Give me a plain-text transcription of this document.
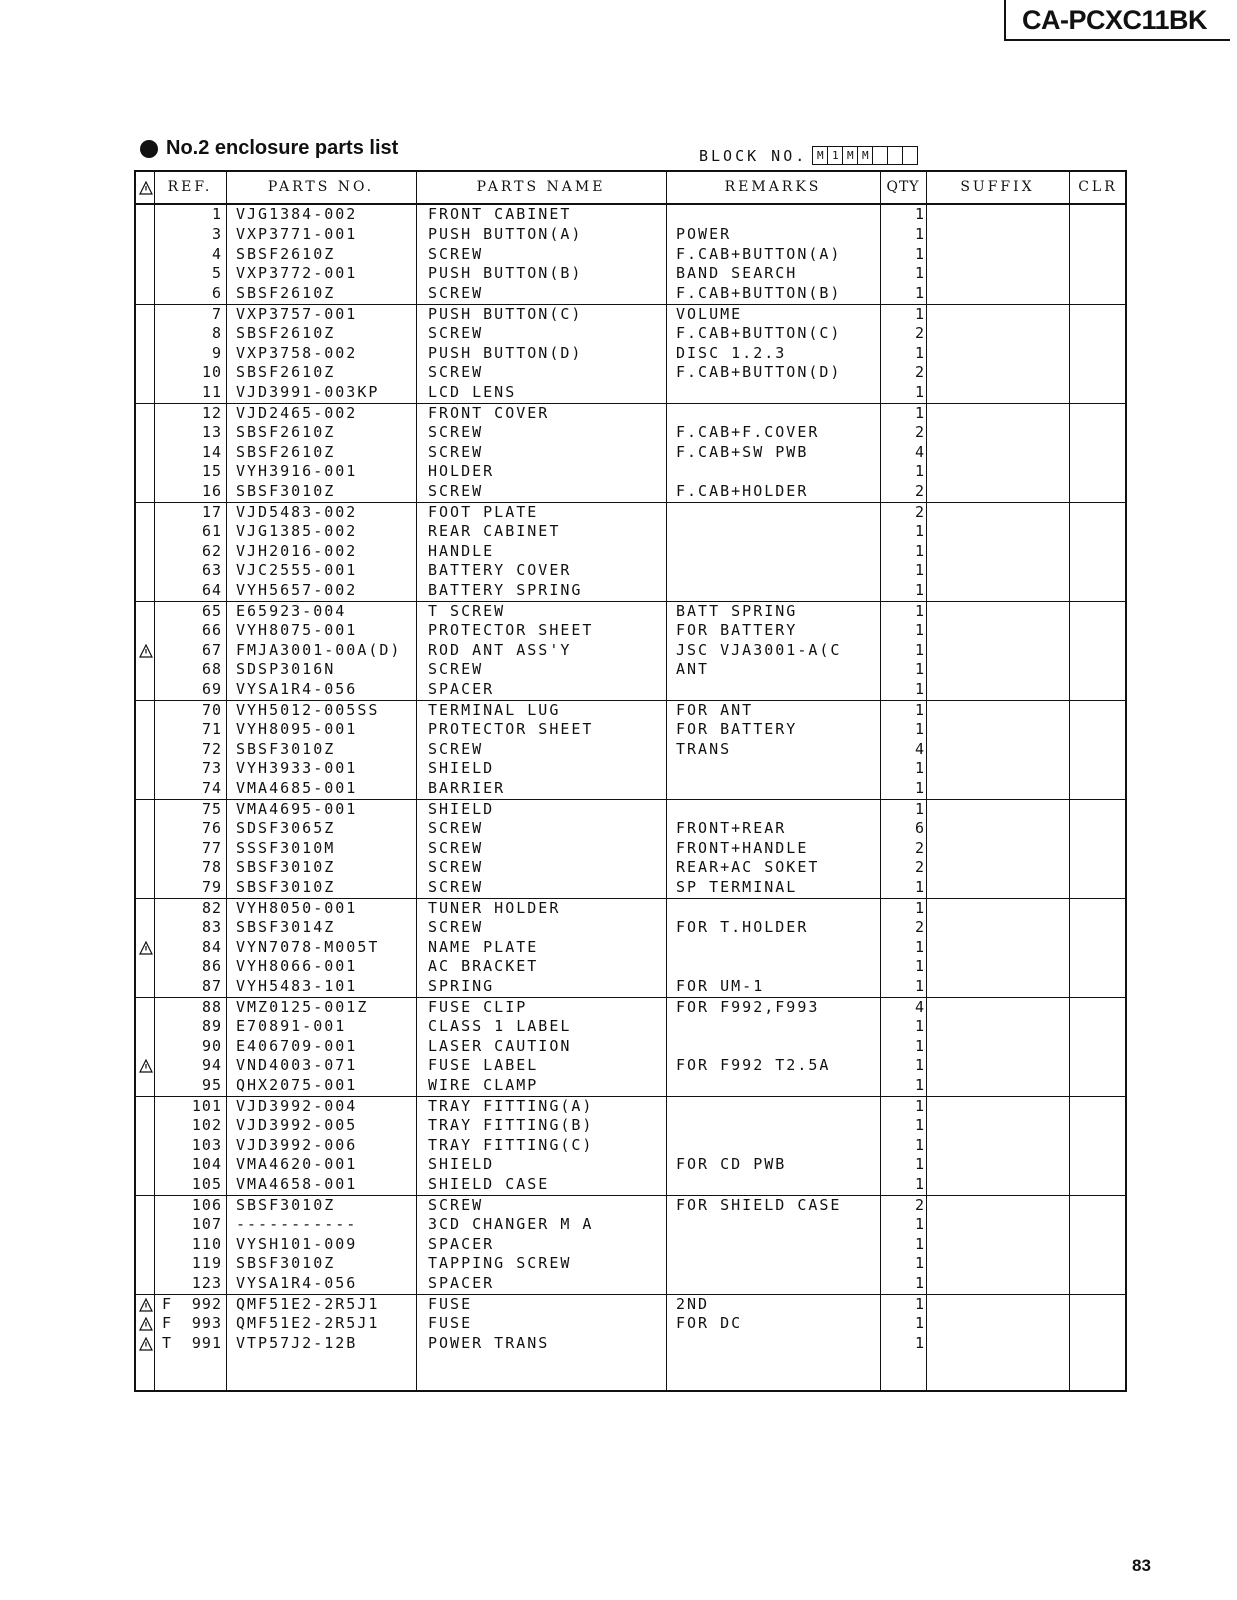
CA-PCXC11BK
No.2 enclosure parts list	BLOCK NO. M 1 M M
REF.	PARTS NO.	PARTS NAME	REMARKS	QTY	SUFFIX	CLR
1 VJG1384-002	FRONT CABINET	1
3 VXP3771-001	PUSH BUTTON(A)	POWER	1
4 SBSF2610Z	SCREW	F.CAB+BUTTON(A)	1
5 VXP3772-001	PUSH BUTTON(B)	BAND SEARCH	1
6 SBSF2610Z	SCREW	F.CAB+BUTTON(B)	1
7 VXP3757-001	PUSH BUTTON(C)	VOLUME	1
8 SBSF2610Z	SCREW	F.CAB+BUTTON(C)	2
9 VXP3758-002	PUSH BUTTON(D)	DISC 1.2.3	1
10 SBSF2610Z	SCREW	F.CAB+BUTTON(D)	2
11 VJD3991-003KP	LCD LENS	1
12 VJD2465-002	FRONT COVER	1
13 SBSF2610Z	SCREW	F.CAB+F.COVER	2
14 SBSF2610Z	SCREW	F.CAB+SW PWB	4
15 VYH3916-001	HOLDER	1
16 SBSF3010Z	SCREW	F.CAB+HOLDER	2
17 VJD5483-002	FOOT PLATE	2
61 VJG1385-002	REAR CABINET	1
62 VJH2016-002	HANDLE	1
63 VJC2555-001	BATTERY COVER	1
64 VYH5657-002	BATTERY SPRING	1
65 E65923-004	T SCREW	BATT SPRING	1
66 VYH8075-001	PROTECTOR SHEET	FOR BATTERY	1
67 FMJA3001-00A(D) ROD ANT ASS'Y	JSC VJA3001-A(C	1
68 SDSP3016N	SCREW	ANT	1
69 VYSA1R4-056	SPACER	1
70 VYH5012-005SS	TERMINAL LUG	FOR ANT	1
71 VYH8095-001	PROTECTOR SHEET	FOR BATTERY	1
72 SBSF3010Z	SCREW	TRANS	4
73 VYH3933-001	SHIELD	1
74 VMA4685-001	BARRIER	1
75 VMA4695-001	SHIELD	1
76 SDSF3065Z	SCREW	FRONT+REAR	6
77 SSSF3010M	SCREW	FRONT+HANDLE	2
78 SBSF3010Z	SCREW	REAR+AC SOKET	2
79 SBSF3010Z	SCREW	SP TERMINAL	1
82 VYH8050-001	TUNER HOLDER	1
83 SBSF3014Z	SCREW	FOR T.HOLDER	2
84 VYN7078-M005T	NAME PLATE	1
86 VYH8066-001	AC BRACKET	1
87 VYH5483-101	SPRING	FOR UM-1	1
88 VMZ0125-001Z	FUSE CLIP	FOR F992,F993	4
89 E70891-001	CLASS 1 LABEL	1
90 E406709-001	LASER CAUTION	1
94 VND4003-071	FUSE LABEL	FOR F992 T2.5A	1
95 QHX2075-001	WIRE CLAMP	1
101 VJD3992-004	TRAY FITTING(A)	1
102 VJD3992-005	TRAY FITTING(B)	1
103 VJD3992-006	TRAY FITTING(C)	1
104 VMA4620-001	SHIELD	FOR CD PWB	1
105 VMA4658-001	SHIELD CASE	1
106 SBSF3010Z	SCREW	FOR SHIELD CASE	2
107 -----------	3CD CHANGER M A	1
110 VYSH101-009	SPACER	1
119 SBSF3010Z	TAPPING SCREW	1
123 VYSA1R4-056	SPACER	1
F 992 QMF51E2-2R5J1	FUSE	2ND	1
F 993 QMF51E2-2R5J1	FUSE	FOR DC	1
T 991 VTP57J2-12B	POWER TRANS	1
83
